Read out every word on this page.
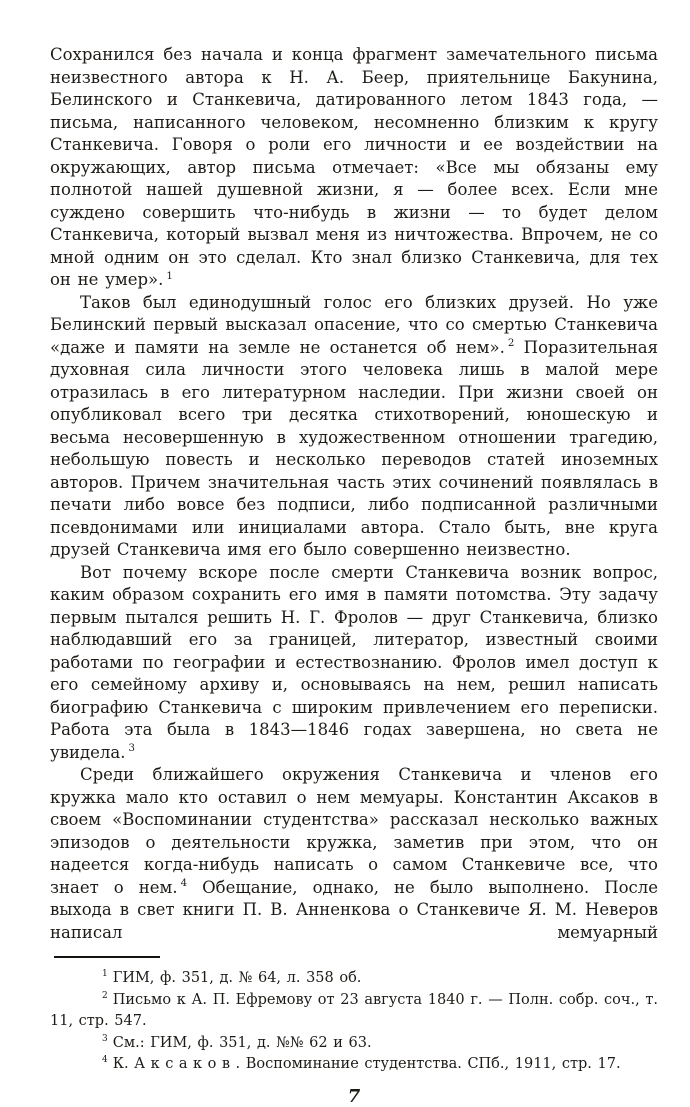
Сохранился без начала и конца фрагмент замечательного письма неизвестного автора к Н. А. Беер, приятельнице Бакунина, Белинского и Станкевича, датированного летом 1843 года, — письма, написанного человеком, несомненно близким к кругу Станкевича. Говоря о роли его личности и ее воздействии на окружающих, автор письма отмечает: «Все мы обязаны ему полнотой нашей душевной жизни, я — более всех. Если мне суждено совершить что-нибудь в жизни — то будет делом Станкевича, который вызвал меня из ничтожества. Впрочем, не со мной одним он это сделал. Кто знал близко Станкевича, для тех он не умер». $^1$

Таков был единодушный голос его близких друзей. Но уже Белинский первый высказал опасение, что со смертью Станкевича «даже и памяти на земле не останется об нем». $^2$ Поразительная духовная сила личности этого человека лишь в малой мере отразилась в его литературном наследии. При жизни своей он опубликовал всего три десятка стихотворений, юношескую и весьма несовершенную в художественном отношении трагедию, небольшую повесть и несколько переводов статей иноземных авторов. Причем значительная часть этих сочинений появлялась в печати либо вовсе без подписи, либо подписанной различными псевдонимами или инициалами автора. Стало быть, вне круга друзей Станкевича имя его было совершенно неизвестно.

Вот почему вскоре после смерти Станкевича возник вопрос, каким образом сохранить его имя в памяти потомства. Эту задачу первым пытался решить Н. Г. Фролов — друг Станкевича, близко наблюдавший его за границей, литератор, известный своими работами по географии и естествознанию. Фролов имел доступ к его семейному архиву и, основываясь на нем, решил написать биографию Станкевича с широким привлечением его переписки. Работа эта была в 1843—1846 годах завершена, но света не увидела. $^3$

Среди ближайшего окружения Станкевича и членов его кружка мало кто оставил о нем мемуары. Константин Аксаков в своем «Воспоминании студентства» рассказал несколько важных эпизодов о деятельности кружка, заметив при этом, что он надеется когда-нибудь написать о самом Станкевиче все, что знает о нем. $^4$ Обещание, однако, не было выполнено. После выхода в свет книги П. В. Анненкова о Станкевиче Я. М. Неверов написал мемуарный

$^1$ ГИМ, ф. 351, д. № 64, л. 358 об.

$^2$ Письмо к А. П. Ефремову от 23 августа 1840 г. — Полн. собр. соч., т. 11, стр. 547.

$^3$ См.: ГИМ, ф. 351, д. №№ 62 и 63.

$^4$ К. Аксаков. Воспоминание студентства. СПб., 1911, стр. 17.

7
